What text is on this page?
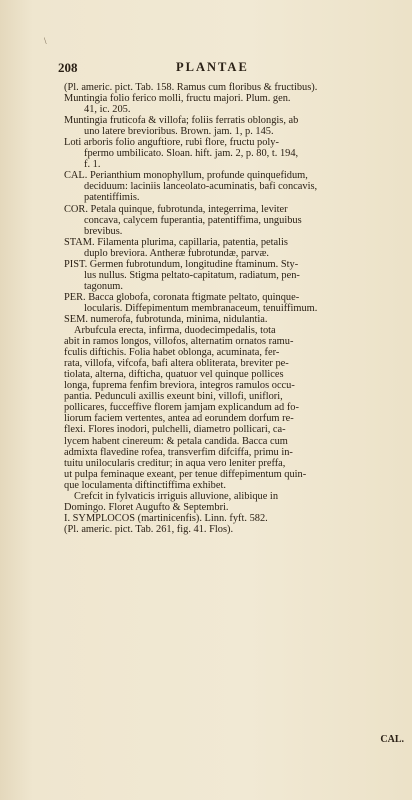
\
208	PLANTAE
(Pl. americ. pict. Tab. 158. Ramus cum floribus & fructibus).
Muntingia folio ferico molli, fructu majori. Plum. gen.
41, ic. 205.
Muntingia fruticofa & villofa; foliis ferratis oblongis, ab
uno latere brevioribus. Brown. jam. 1, p. 145.
Loti arboris folio anguftiore, rubi flore, fructu poly-
fpermo umbilicato. Sloan. hift. jam. 2, p. 80, t. 194,
f. 1.
CAL. Perianthium monophyllum, profunde quinquefidum,
deciduum: laciniis lanceolato-acuminatis, bafi concavis,
patentiffimis.
COR. Petala quinque, fubrotunda, integerrima, leviter
concava, calycem fuperantia, patentiffima, unguibus
brevibus.
STAM. Filamenta plurima, capillaria, patentia, petalis
duplo breviora. Antheræ fubrotundæ, parvæ.
PIST. Germen fubrotundum, longitudine ftaminum. Sty-
lus nullus. Stigma peltato-capitatum, radiatum, pen-
tagonum.
PER. Bacca globofa, coronata ftigmate peltato, quinque-
locularis. Diffepimentum membranaceum, tenuiffimum.
SEM. numerofa, fubrotunda, minima, nidulantia.
Arbufcula erecta, infirma, duodecimpedalis, tota
abit in ramos longos, villofos, alternatim ornatos ramu-
fculis diftichis. Folia habet oblonga, acuminata, fer-
rata, villofa, vifcofa, bafi altera obliterata, breviter pe-
tiolata, alterna, difticha, quatuor vel quinque pollices
longa, fuprema fenfim breviora, integros ramulos occu-
pantia. Pedunculi axillis exeunt bini, villofi, uniflori,
pollicares, fucceffive florem jamjam explicandum ad fo-
liorum faciem vertentes, antea ad eorundem dorfum re-
flexi. Flores inodori, pulchelli, diametro pollicari, ca-
lycem habent cinereum: & petala candida. Bacca cum
admixta flavedine rofea, transverfim difciffa, primu in-
tuitu unilocularis creditur; in aqua vero leniter preffa,
ut pulpa feminaque exeant, per tenue diffepimentum quin-
que loculamenta diftinctiffima exhibet.
Crefcit in fylvaticis irriguis alluvione, alibique in
Domingo. Floret Augufto & Septembri.
I. SYMPLOCOS (martinicenfis). Linn. fyft. 582.
(Pl. americ. pict. Tab. 261, fig. 41. Flos).
CAL.
